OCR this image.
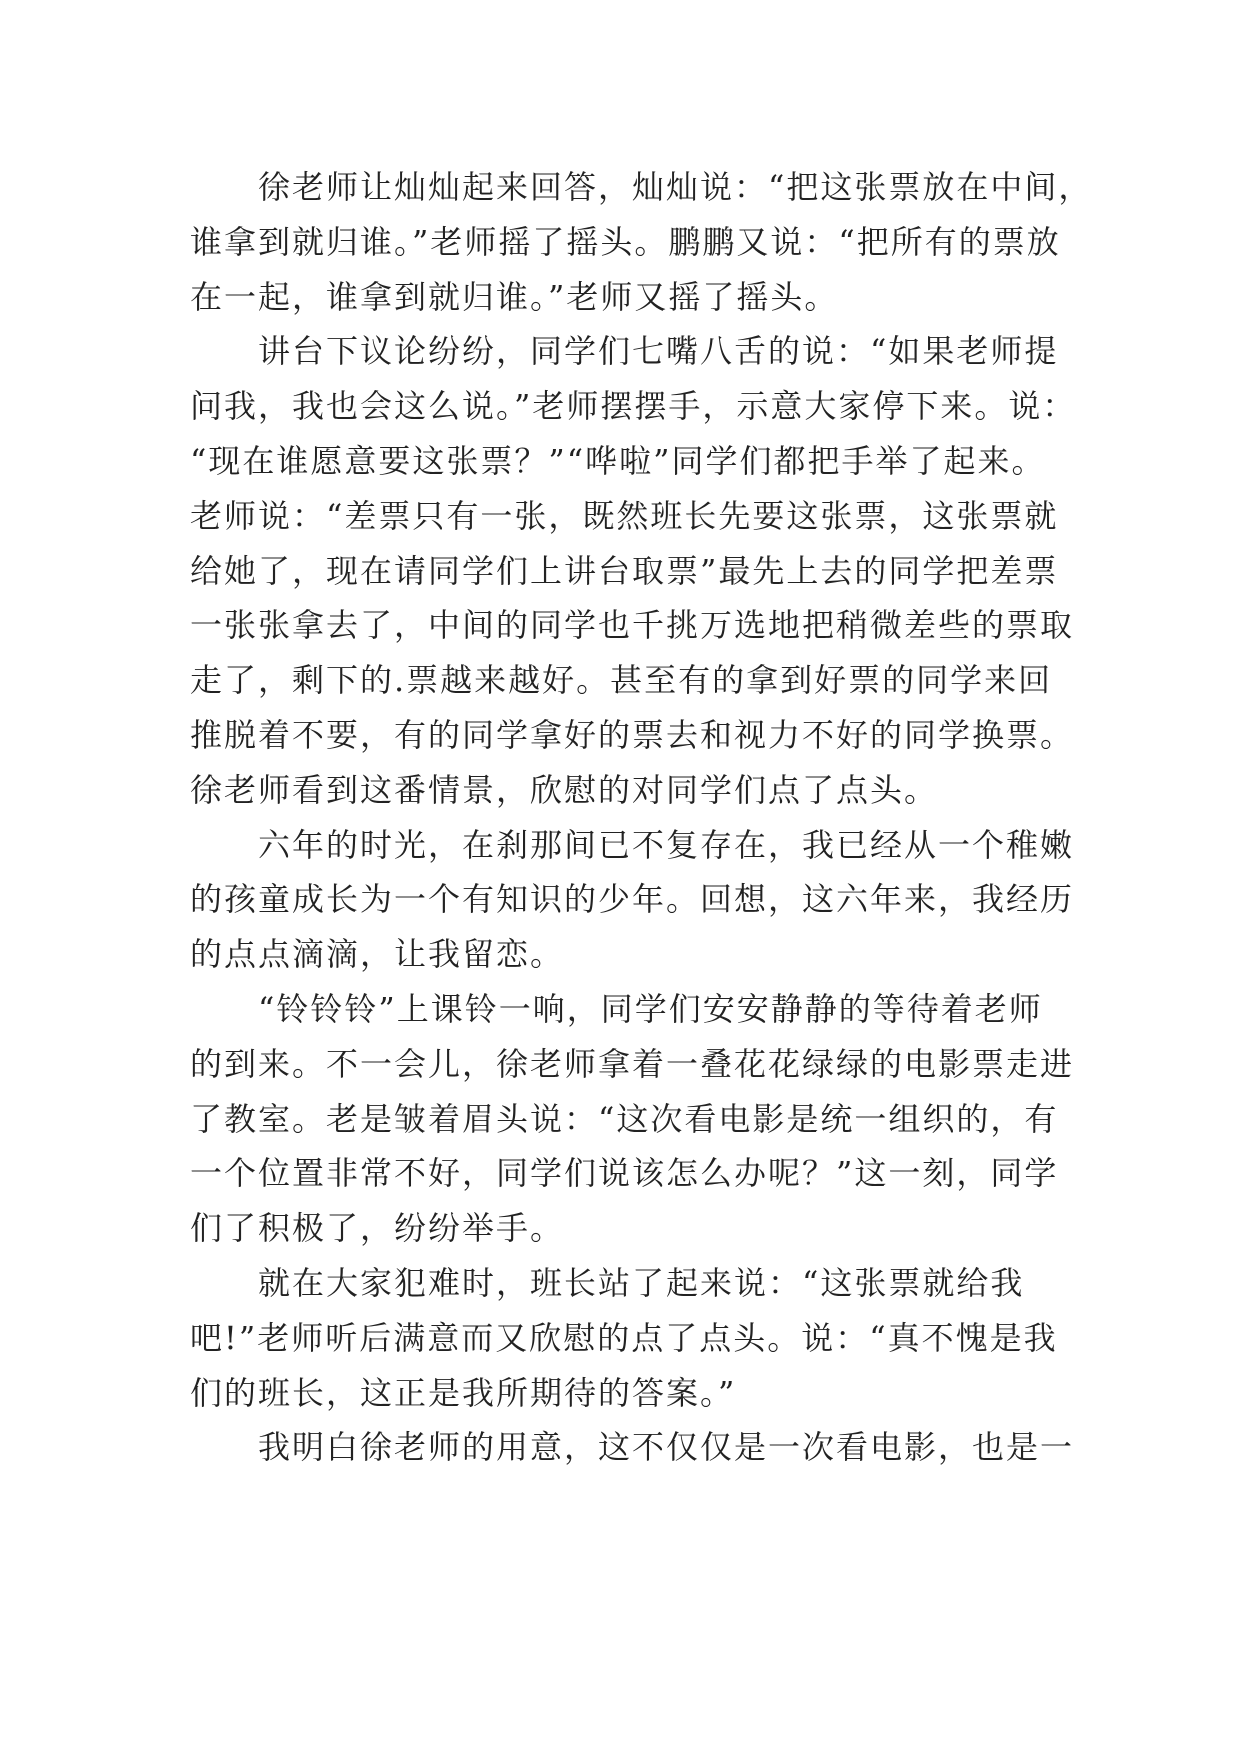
徐老师让灿灿起来回答，灿灿说：“把这张票放在中间，
谁拿到就归谁。”老师摇了摇头。鹏鹏又说：“把所有的票放
在一起，谁拿到就归谁。”老师又摇了摇头。

讲台下议论纷纷，同学们七嘴八舌的说：“如果老师提
问我，我也会这么说。”老师摆摆手，示意大家停下来。说：
“现在谁愿意要这张票？”“哗啦”同学们都把手举了起来。
老师说：“差票只有一张，既然班长先要这张票，这张票就
给她了，现在请同学们上讲台取票”最先上去的同学把差票
一张张拿去了，中间的同学也千挑万选地把稍微差些的票取
走了，剩下的.票越来越好。甚至有的拿到好票的同学来回
推脱着不要，有的同学拿好的票去和视力不好的同学换票。
徐老师看到这番情景，欣慰的对同学们点了点头。

六年的时光，在刹那间已不复存在，我已经从一个稚嫩
的孩童成长为一个有知识的少年。回想，这六年来，我经历
的点点滴滴，让我留恋。

“铃铃铃”上课铃一响，同学们安安静静的等待着老师
的到来。不一会儿，徐老师拿着一叠花花绿绿的电影票走进
了教室。老是皱着眉头说：“这次看电影是统一组织的，有
一个位置非常不好，同学们说该怎么办呢？”这一刻，同学
们了积极了，纷纷举手。

就在大家犯难时，班长站了起来说：“这张票就给我
吧!”老师听后满意而又欣慰的点了点头。说：“真不愧是我
们的班长，这正是我所期待的答案。”

我明白徐老师的用意，这不仅仅是一次看电影，也是一
